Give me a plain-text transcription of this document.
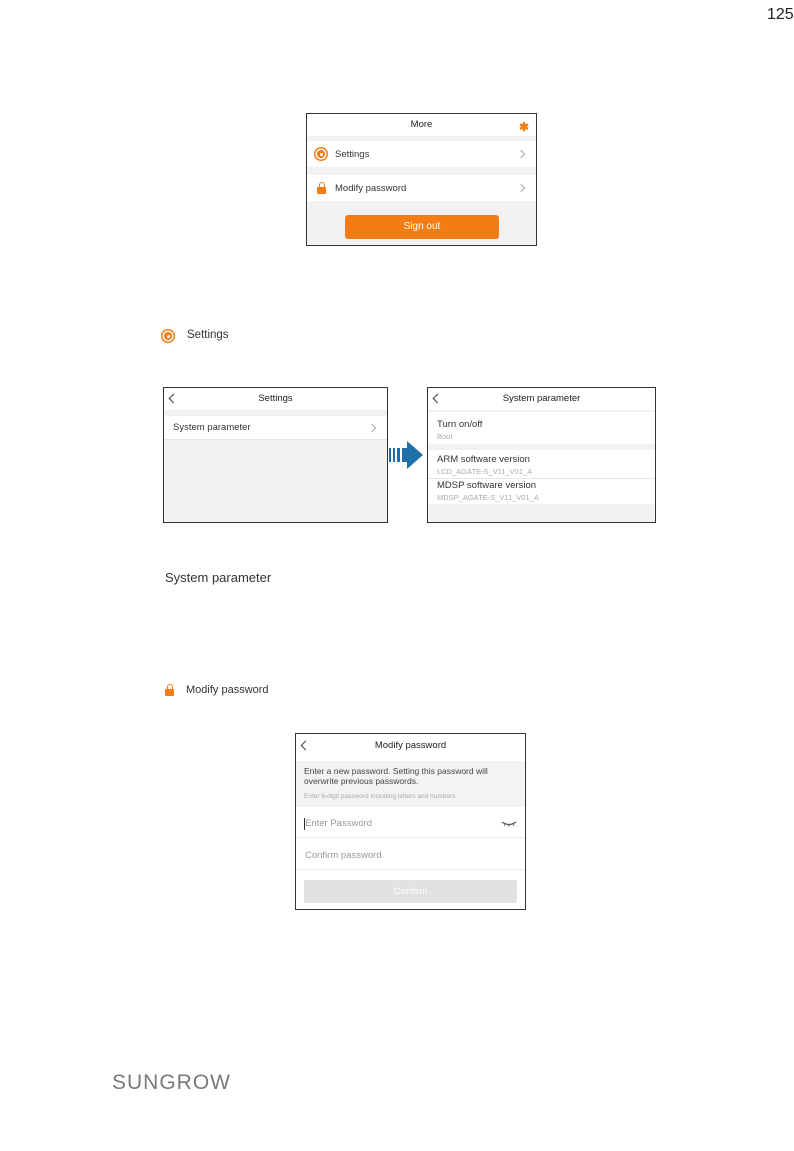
125
More	✱
Settings
Modify password
Sign out
Settings
Settings
System parameter
System parameter
Turn on/off
Boot
ARM software version
LCD_AGATE-S_V11_V01_A
MDSP software version
MDSP_AGATE-S_V11_V01_A
System parameter
Modify password
Modify password
Enter a new password. Setting this password will overwrite previous passwords.
Enter 6-digit password including letters and numbers
Enter Password
Confirm password
Confirm
SUNGROW
